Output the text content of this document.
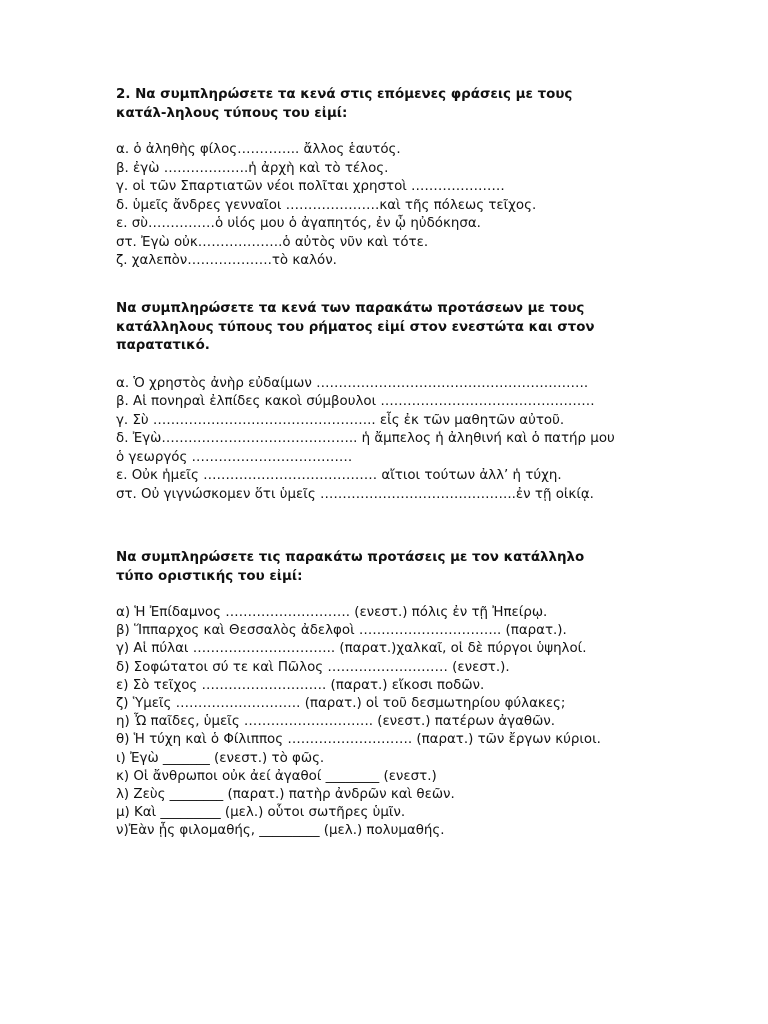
2. Να συμπληρώσετε τα κενά στις επόμενες φράσεις με τους
κατάλ-ληλους τύπους του εἰμί:
α. ὁ ἀληθὴς φίλος………….. ἄλλος ἑαυτός.
β. ἐγὼ ……………….ἡ ἀρχὴ καὶ τὸ τέλος.
γ. οἱ τῶν Σπαρτιατῶν νέοι πολῖται χρηστοὶ …………………
δ. ὑμεῖς ἄνδρες γενναῖοι …………………καὶ τῆς πόλεως τεῖχος.
ε. σὺ……………ὁ υἱός μου ὁ ἀγαπητός, ἐν ᾧ ηὐδόκησα.
στ. Ἐγὼ οὐκ……………….ὁ αὐτὸς νῦν καὶ τότε.
ζ. χαλεπὸν……………….τὸ καλόν.
Να συμπληρώσετε τα κενά των παρακάτω προτάσεων με τους
κατάλληλους τύπους του ρήματος εἰμί στον ενεστώτα και στον
παρατατικό.
α. Ὁ χρηστὸς ἀνὴρ εὐδαίμων …………………………………………………….
β. Αἱ πονηραὶ ἐλπίδες κακοὶ σύμβουλοι …………………………………………
γ. Σὺ ………………………………………….. εἷς ἐκ τῶν μαθητῶν αὐτοῦ.
δ. Ἐγὼ…………………………………….. ἡ ἄμπελος ἡ ἀληθινή καὶ ὁ πατήρ μου
ὁ γεωργός ………………………………
ε. Οὐκ ἡμεῖς ………………………………… αἴτιοι τούτων ἀλλ’ ἡ τύχη.
στ. Οὐ γιγνώσκομεν ὅτι ὑμεῖς ……………………………………..ἐν τῇ οἰκίᾳ.
Να συμπληρώσετε τις παρακάτω προτάσεις με τον κατάλληλο
τύπο οριστικής του εἰμί:
α) Ἡ Ἐπίδαμνος ………………………. (ενεστ.) πόλις ἐν τῇ Ἠπείρῳ.
β) Ἵππαρχος καὶ Θεσσαλὸς ἀδελφοὶ ………………………….. (παρατ.).
γ) Αἱ πύλαι ………………………….. (παρατ.)χαλκαῖ, οἱ δὲ πύργοι ὑψηλοί.
δ) Σοφώτατοι σύ τε καὶ Πῶλος ……………………… (ενεστ.).
ε) Σὸ τεῖχος ………………………. (παρατ.) εἴκοσι ποδῶν.
ζ) Ὑμεῖς ………………………. (παρατ.) οἱ τοῦ δεσμωτηρίου φύλακες;
η) Ὦ παῖδες, ὑμεῖς ……………………….. (ενεστ.) πατέρων ἀγαθῶν.
θ) Ἡ τύχη καὶ ὁ Φίλιππος ………………………. (παρατ.) τῶν ἔργων κύριοι.
ι) Ἐγὼ _______ (ενεστ.) τὸ φῶς.
κ) Οἱ ἄνθρωποι οὐκ ἀεί ἀγαθοί ________ (ενεστ.)
λ) Ζεὺς ________ (παρατ.) πατὴρ ἀνδρῶν καὶ θεῶν.
μ) Καὶ _________ (μελ.) οὗτοι σωτῆρες ὑμῖν.
ν)Ἐὰν ᾖς φιλομαθής, _________ (μελ.) πολυμαθής.
